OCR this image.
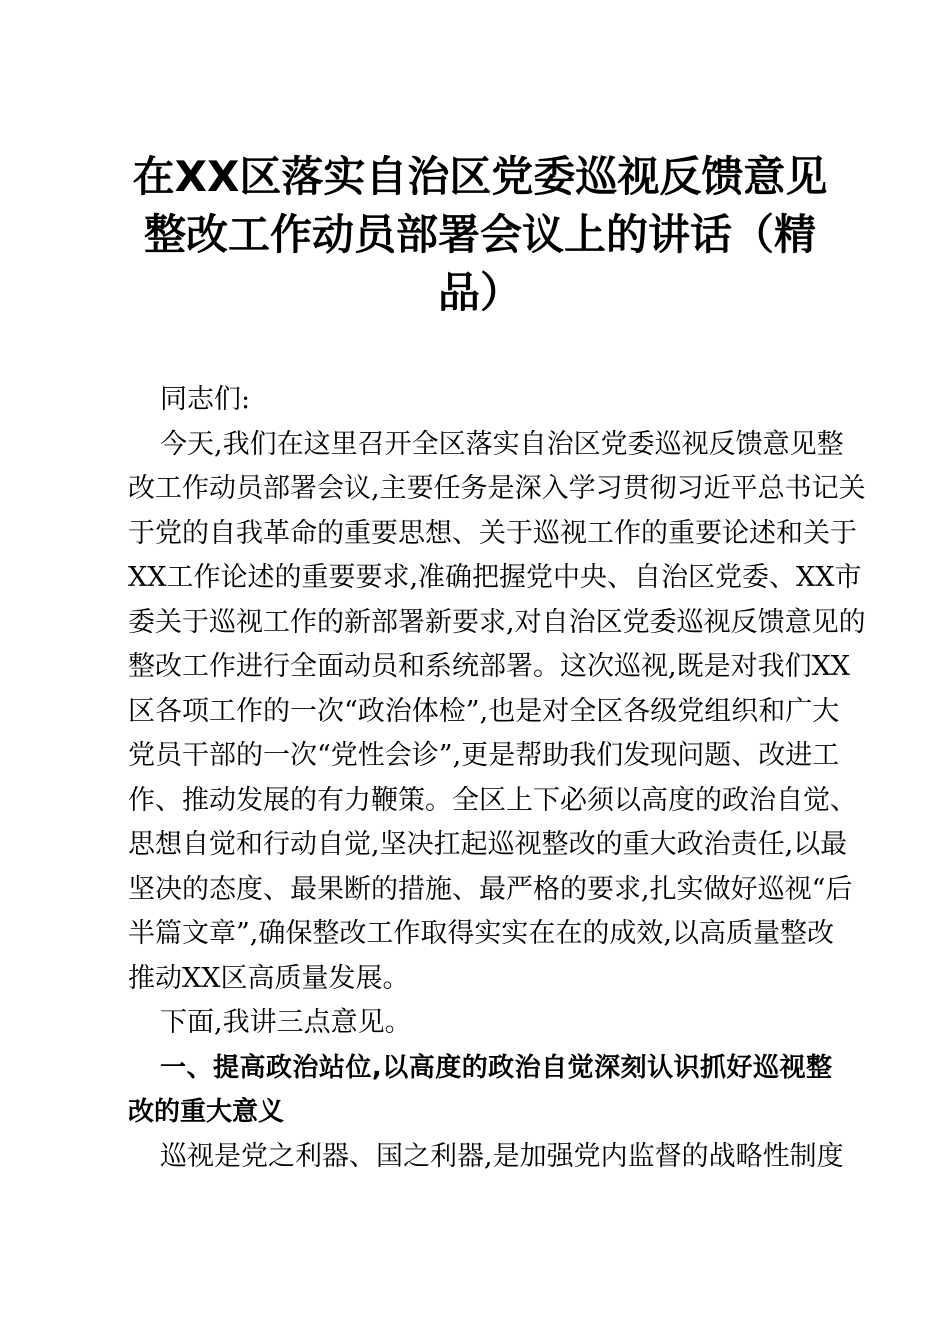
在XX区落实自治区党委巡视反馈意见
整改工作动员部署会议上的讲话（精
品）
同志们:
今天,我们在这里召开全区落实自治区党委巡视反馈意见整
改工作动员部署会议,主要任务是深入学习贯彻习近平总书记关
于党的自我革命的重要思想、关于巡视工作的重要论述和关于
XX工作论述的重要要求,准确把握党中央、自治区党委、XX市
委关于巡视工作的新部署新要求,对自治区党委巡视反馈意见的
整改工作进行全面动员和系统部署。这次巡视,既是对我们XX
区各项工作的一次“政治体检”,也是对全区各级党组织和广大
党员干部的一次“党性会诊”,更是帮助我们发现问题、改进工
作、推动发展的有力鞭策。全区上下必须以高度的政治自觉、
思想自觉和行动自觉,坚决扛起巡视整改的重大政治责任,以最
坚决的态度、最果断的措施、最严格的要求,扎实做好巡视“后
半篇文章”,确保整改工作取得实实在在的成效,以高质量整改
推动XX区高质量发展。
下面,我讲三点意见。
一、提高政治站位,以高度的政治自觉深刻认识抓好巡视整
改的重大意义
巡视是党之利器、国之利器,是加强党内监督的战略性制度
